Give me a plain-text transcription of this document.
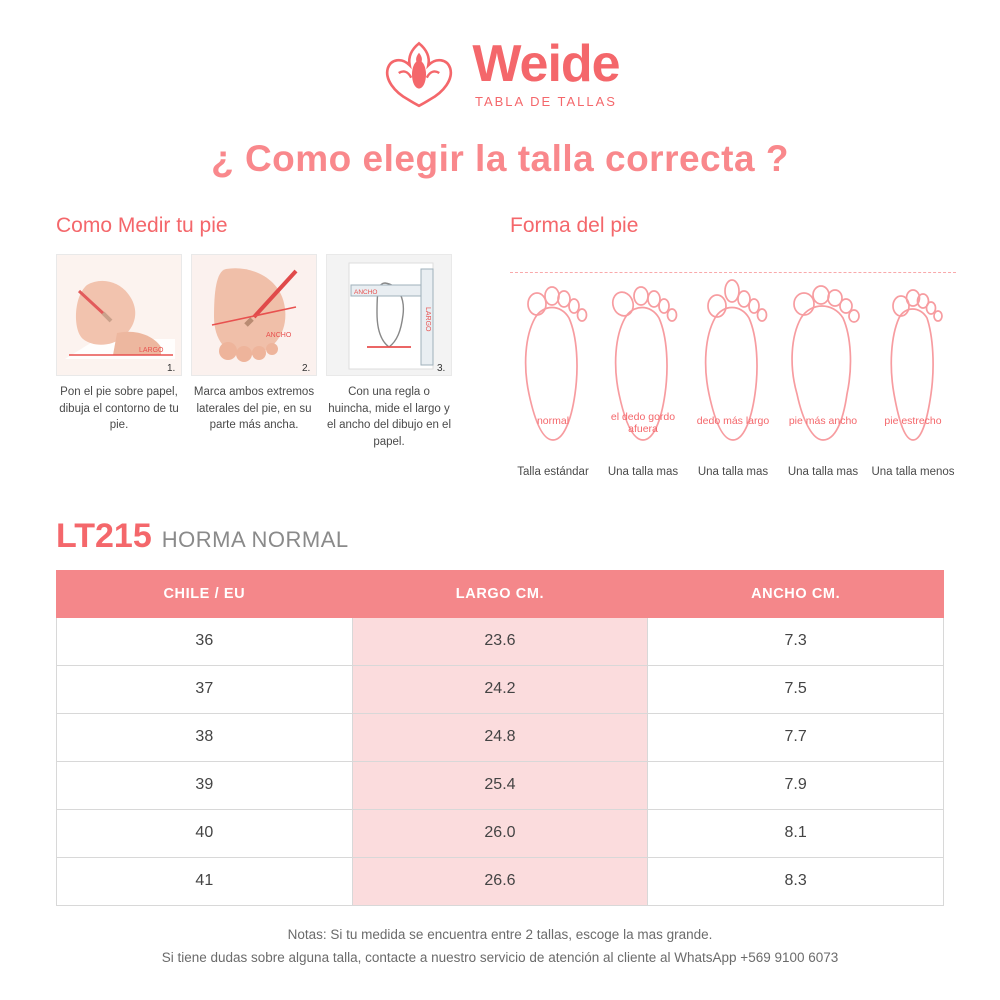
Weide
TABLA DE TALLAS
¿ Como elegir la talla correcta ?
Como Medir tu pie
LARGO
1.
Pon el pie sobre papel, dibuja el contorno de tu pie.
ANCHO
2.
Marca ambos extremos laterales del pie, en su parte más ancha.
LARGO
ANCHO
3.
Con una regla o huincha, mide el largo y el ancho del dibujo en el papel.
Forma del pie
normal
Talla estándar
el dedo gordo afuera
Una talla mas
dedo más largo
Una talla mas
pie más ancho
Una talla mas
pie estrecho
Una talla menos
LT215 HORMA NORMAL
CHILE / EU	LARGO CM.	ANCHO CM.
36	23.6	7.3
37	24.2	7.5
38	24.8	7.7
39	25.4	7.9
40	26.0	8.1
41	26.6	8.3
Notas: Si tu medida se encuentra entre 2 tallas, escoge la mas grande.
Si tiene dudas sobre alguna talla, contacte a nuestro servicio de atención al cliente al WhatsApp +569 9100 6073
